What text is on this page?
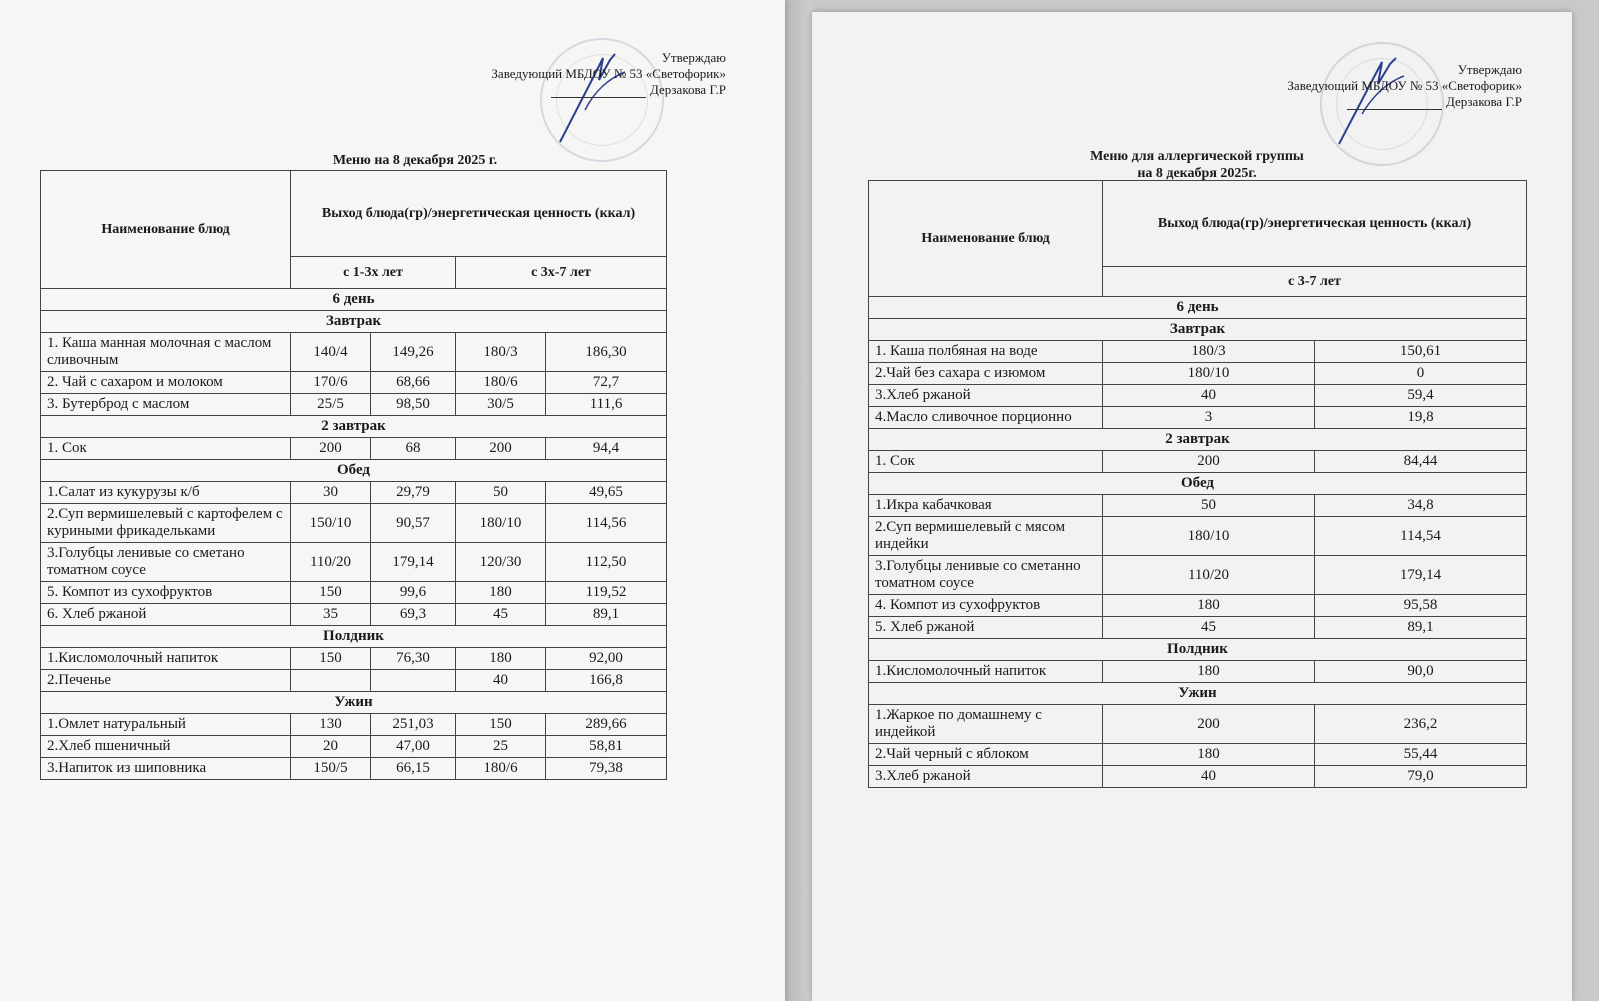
Утверждаю
Заведующий МБДОУ № 53 «Светофорик»
Дерзакова Г.Р
Меню на 8 декабря 2025 г.
Наименование блюд	Выход блюда(гр)/энергетическая ценность (ккал)			
	с 1-3х лет		с 3х-7 лет	
6 день				
Завтрак				
1. Каша манная молочная с маслом сливочным	140/4	149,26	180/3	186,30
2. Чай с сахаром и молоком	170/6	68,66	180/6	72,7
3. Бутерброд с маслом	25/5	98,50	30/5	111,6
2 завтрак				
1. Сок	200	68	200	94,4
Обед				
1.Салат из кукурузы к/б	30	29,79	50	49,65
2.Суп вермишелевый с картофелем с куриными фрикадельками	150/10	90,57	180/10	114,56
3.Голубцы ленивые со сметано томатном соусе	110/20	179,14	120/30	112,50
5. Компот из сухофруктов	150	99,6	180	119,52
6. Хлеб ржаной	35	69,3	45	89,1
Полдник				
1.Кисломолочный напиток	150	76,30	180	92,00
2.Печенье			40	166,8
Ужин				
1.Омлет натуральный	130	251,03	150	289,66
2.Хлеб пшеничный	20	47,00	25	58,81
3.Напиток из шиповника	150/5	66,15	180/6	79,38
Утверждаю
Заведующий МБДОУ № 53 «Светофорик»
Дерзакова Г.Р
Меню для аллергической группы
на 8 декабря 2025г.
Наименование блюд	Выход блюда(гр)/энергетическая ценность (ккал)	
	с 3-7 лет	
6 день		
Завтрак		
1. Каша полбяная на воде	180/3	150,61
2.Чай без сахара с изюмом	180/10	0
3.Хлеб ржаной	40	59,4
4.Масло сливочное порционно	3	19,8
2 завтрак		
1. Сок	200	84,44
Обед		
1.Икра кабачковая	50	34,8
2.Суп вермишелевый с мясом индейки	180/10	114,54
3.Голубцы ленивые со сметанно томатном соусе	110/20	179,14
4. Компот из сухофруктов	180	95,58
5. Хлеб ржаной	45	89,1
Полдник		
1.Кисломолочный напиток	180	90,0
Ужин		
1.Жаркое по домашнему с индейкой	200	236,2
2.Чай черный с яблоком	180	55,44
3.Хлеб ржаной	40	79,0
